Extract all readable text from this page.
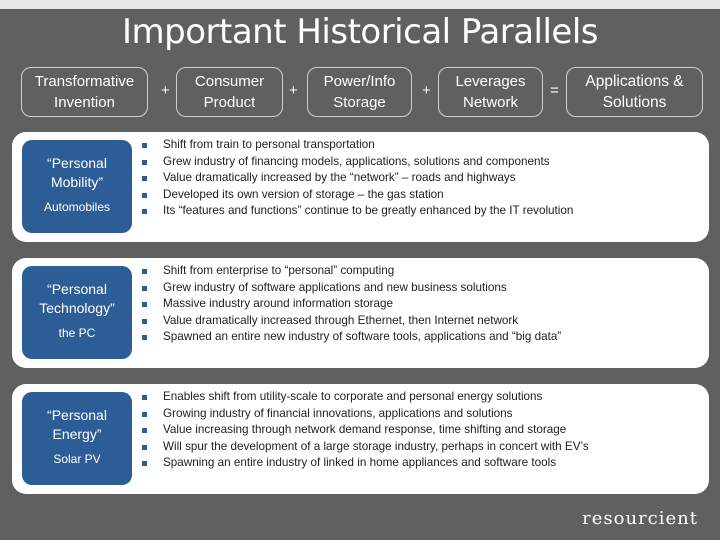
Important Historical Parallels
Transformative
Invention
+
Consumer
Product
+
Power/Info
Storage
+
Leverages
Network
=
Applications &
Solutions
“Personal
Mobility”
Automobiles
Shift from train to personal transportation
Grew industry of financing models, applications, solutions and components
Value dramatically increased by the “network” – roads and highways
Developed its own version of storage – the gas station
Its “features and functions” continue to be greatly enhanced by the IT revolution
“Personal
Technology”
the PC
Shift from enterprise to “personal” computing
Grew industry of software applications and new business solutions
Massive industry around information storage
Value dramatically increased through Ethernet, then Internet network
Spawned an entire new industry of software tools, applications and “big data”
“Personal
Energy”
Solar PV
Enables shift from utility-scale to corporate and personal energy solutions
Growing industry of financial innovations, applications and solutions
Value increasing through network demand response, time shifting and storage
Will spur the development of a large storage industry, perhaps in concert with EV’s
Spawning an entire industry of linked in home appliances and software tools
resourcient
